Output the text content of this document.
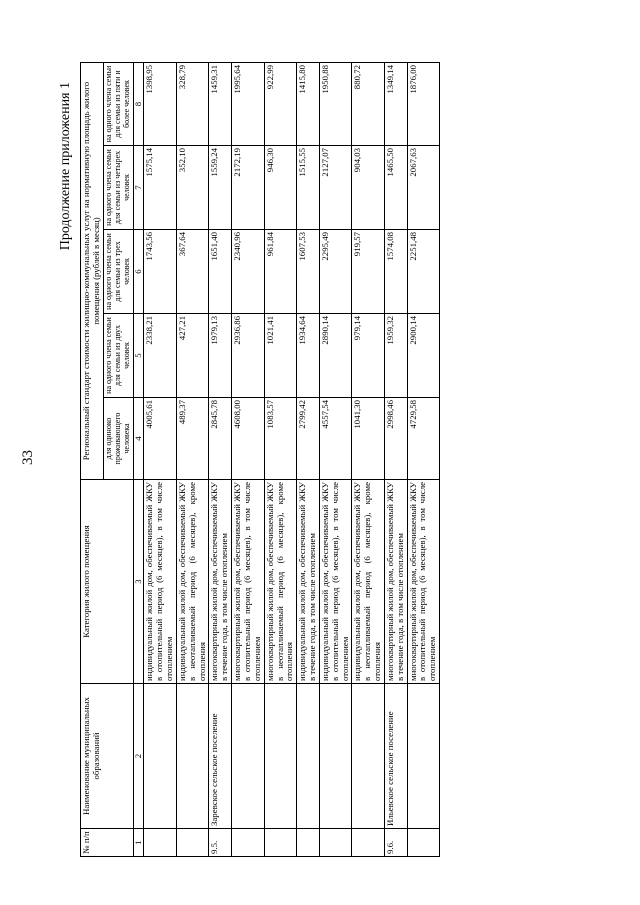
33
Продолжение приложения 1
№ п/п	Наименование муниципальных образований	Категория жилого помещения	Региональный стандарт стоимости жилищно-коммунальных услуг на нормативную площадь жилого помещения (рублей в месяц)				
			для одиноко проживающего человека	на одного члена семьи для семьи из двух человек	на одного члена семьи для семьи из трех человек	на одного члена семьи для семьи из четырех человек	на одного члена семьи для семьи из пяти и более человек
1	2	3	4	5	6	7	8
		индивидуальный жилой дом, обеспечиваемый ЖКУ в отопительный период (6 месяцев), в том числе отоплением	4005,61	2338,21	1743,56	1575,14	1398,95
		индивидуальный жилой дом, обеспечиваемый ЖКУ в неотапливаемый период (6 месяцев), кроме отопления	489,37	427,21	367,64	352,10	328,79
9.5.	Заревское сельское поселение	многоквартирный жилой дом, обеспечиваемый ЖКУ в течение года, в том числе отоплением	2845,78	1979,13	1651,40	1559,24	1459,31
		многоквартирный жилой дом, обеспечиваемый ЖКУ в отопительный период (6 месяцев), в том числе отоплением	4608,00	2936,86	2340,96	2172,19	1995,64
		многоквартирный жилой дом, обеспечиваемый ЖКУ в неотапливаемый период (6 месяцев), кроме отопления	1083,57	1021,41	961,84	946,30	922,99
		индивидуальный жилой дом, обеспечиваемый ЖКУ в течение года, в том числе отоплением	2799,42	1934,64	1607,53	1515,55	1415,80
		индивидуальный жилой дом, обеспечиваемый ЖКУ в отопительный период (6 месяцев), в том числе отоплением	4557,54	2890,14	2295,49	2127,07	1950,88
		индивидуальный жилой дом, обеспечиваемый ЖКУ в неотапливаемый период (6 месяцев), кроме отопления	1041,30	979,14	919,57	904,03	880,72
9.6.	Ильевское сельское поселение	многоквартирный жилой дом, обеспечиваемый ЖКУ в течение года, в том числе отоплением	2998,46	1959,32	1574,08	1465,50	1349,14
		многоквартирный жилой дом, обеспечиваемый ЖКУ в отопительный период (6 месяцев), в том числе отоплением	4729,58	2900,14	2251,48	2067,63	1876,00
